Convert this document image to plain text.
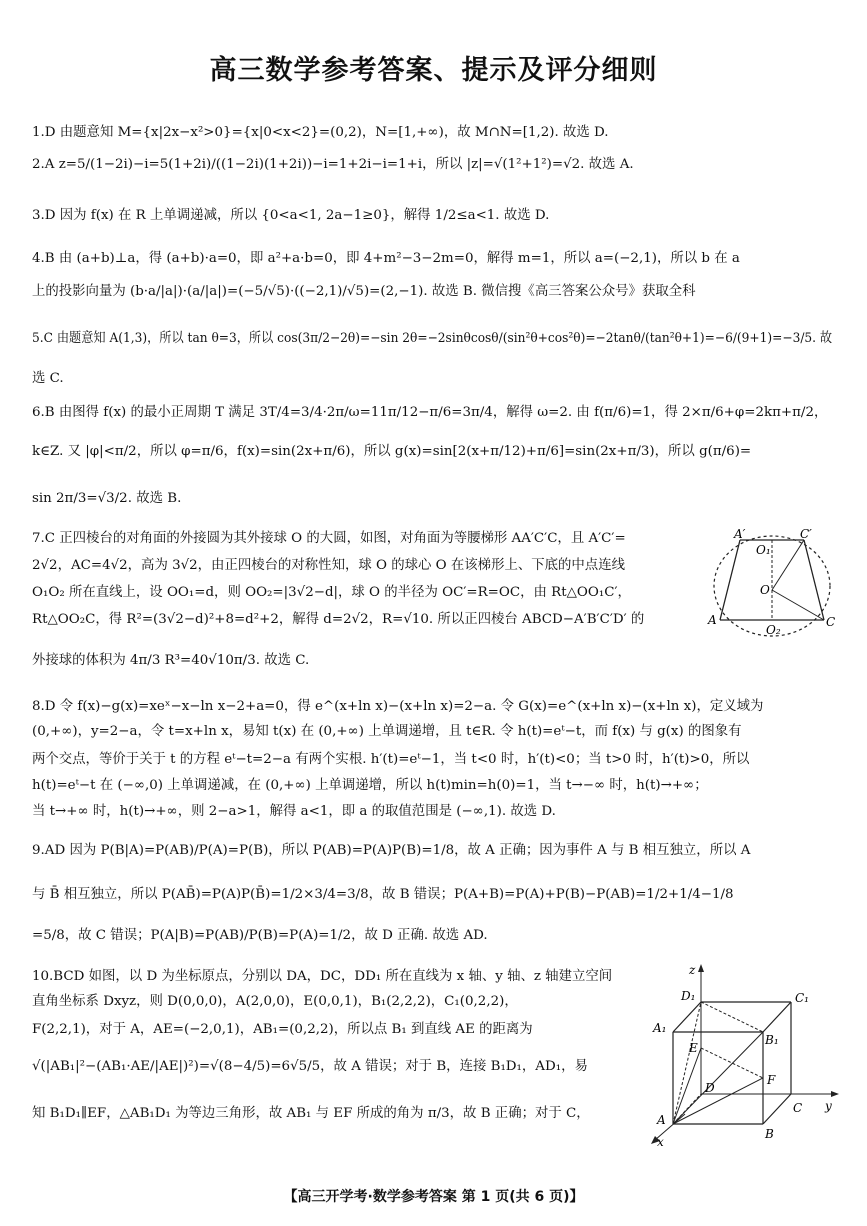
高三数学参考答案、提示及评分细则
1.D 由题意知 M={x|2x−x²>0}={x|0<x<2}=(0,2)，N=[1,+∞)，故 M∩N=[1,2). 故选 D.
2.A z=5/(1−2i)−i=5(1+2i)/((1−2i)(1+2i))−i=1+2i−i=1+i，所以 |z|=√(1²+1²)=√2. 故选 A.
3.D 因为 f(x) 在 R 上单调递减，所以 {0<a<1, 2a−1≥0}，解得 1/2≤a<1. 故选 D.
4.B 由 (a+b)⊥a，得 (a+b)·a=0，即 a²+a·b=0，即 4+m²−3−2m=0，解得 m=1，所以 a=(−2,1)，所以 b 在 a
上的投影向量为 (b·a/|a|)·(a/|a|)=(−5/√5)·((−2,1)/√5)=(2,−1). 故选 B. 微信搜《高三答案公众号》获取全科
5.C 由题意知 A(1,3)，所以 tan θ=3，所以 cos(3π/2−2θ)=−sin 2θ=−2sinθcosθ/(sin²θ+cos²θ)=−2tanθ/(tan²θ+1)=−6/(9+1)=−3/5. 故
选 C.
6.B 由图得 f(x) 的最小正周期 T 满足 3T/4=3/4·2π/ω=11π/12−π/6=3π/4，解得 ω=2. 由 f(π/6)=1，得 2×π/6+φ=2kπ+π/2，
k∈Z. 又 |φ|<π/2，所以 φ=π/6，f(x)=sin(2x+π/6)，所以 g(x)=sin[2(x+π/12)+π/6]=sin(2x+π/3)，所以 g(π/6)=
sin 2π/3=√3/2. 故选 B.
7.C 正四棱台的对角面的外接圆为其外接球 O 的大圆，如图，对角面为等腰梯形 AA′C′C，且 A′C′=
2√2，AC=4√2，高为 3√2，由正四棱台的对称性知，球 O 的球心 O 在该梯形上、下底的中点连线
O₁O₂ 所在直线上，设 OO₁=d，则 OO₂=|3√2−d|，球 O 的半径为 OC′=R=OC，由 Rt△OO₁C′，
Rt△OO₂C，得 R²=(3√2−d)²+8=d²+2，解得 d=2√2，R=√10. 所以正四棱台 ABCD−A′B′C′D′ 的
外接球的体积为 4π/3 R³=40√10π/3. 故选 C.
8.D 令 f(x)−g(x)=xeˣ−x−ln x−2+a=0，得 e^(x+ln x)−(x+ln x)=2−a. 令 G(x)=e^(x+ln x)−(x+ln x)，定义域为
(0,+∞)，y=2−a，令 t=x+ln x，易知 t(x) 在 (0,+∞) 上单调递增，且 t∈R. 令 h(t)=eᵗ−t，而 f(x) 与 g(x) 的图象有
两个交点，等价于关于 t 的方程 eᵗ−t=2−a 有两个实根. h′(t)=eᵗ−1，当 t<0 时，h′(t)<0；当 t>0 时，h′(t)>0，所以
h(t)=eᵗ−t 在 (−∞,0) 上单调递减，在 (0,+∞) 上单调递增，所以 h(t)min=h(0)=1，当 t→−∞ 时，h(t)→+∞；
当 t→+∞ 时，h(t)→+∞，则 2−a>1，解得 a<1，即 a 的取值范围是 (−∞,1). 故选 D.
9.AD 因为 P(B|A)=P(AB)/P(A)=P(B)，所以 P(AB)=P(A)P(B)=1/8，故 A 正确；因为事件 A 与 B 相互独立，所以 A
与 B̄ 相互独立，所以 P(AB̄)=P(A)P(B̄)=1/2×3/4=3/8，故 B 错误；P(A+B)=P(A)+P(B)−P(AB)=1/2+1/4−1/8
=5/8，故 C 错误；P(A|B)=P(AB)/P(B)=P(A)=1/2，故 D 正确. 故选 AD.
10.BCD 如图，以 D 为坐标原点，分别以 DA，DC，DD₁ 所在直线为 x 轴、y 轴、z 轴建立空间
直角坐标系 Dxyz，则 D(0,0,0)，A(2,0,0)，E(0,0,1)，B₁(2,2,2)，C₁(0,2,2)，
F(2,2,1)，对于 A，AE=(−2,0,1)，AB₁=(0,2,2)，所以点 B₁ 到直线 AE 的距离为
√(|AB₁|²−(AB₁·AE/|AE|)²)=√(8−4/5)=6√5/5，故 A 错误；对于 B，连接 B₁D₁，AD₁，易
知 B₁D₁∥EF，△AB₁D₁ 为等边三角形，故 AB₁ 与 EF 所成的角为 π/3，故 B 正确；对于 C，
A′	C′
O₁
O
A
O₂
C
z
D₁	C₁
A₁
B₁
E
F
D
A
B
C y
x
【高三开学考·数学参考答案 第 1 页(共 6 页)】
